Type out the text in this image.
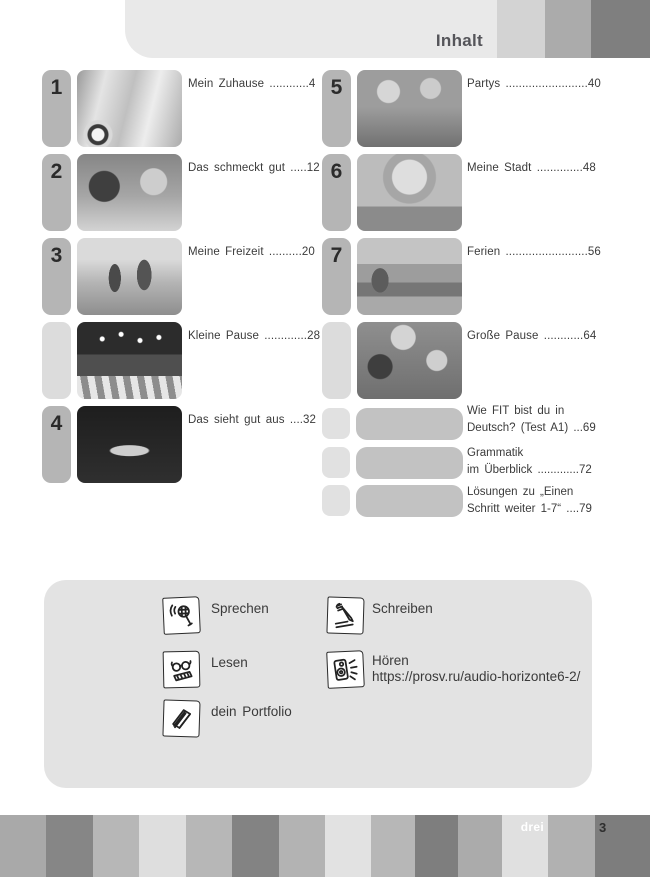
Inhalt
1	Mein Zuhause ............4
2	Das schmeckt gut .....12
3	Meine Freizeit ..........20
Kleine Pause .............28
4	Das sieht gut aus ....32
5	Partys .........................40
6	Meine Stadt ..............48
7	Ferien .........................56
Große Pause ............64
Wie FIT bist du in
Deutsch? (Test A1) ...69
Grammatik
im Überblick .............72
Lösungen zu „Einen
Schritt weiter 1-7“ ....79
Sprechen	Schreiben
Lesen	Hören
https://prosv.ru/audio-horizonte6-2/
dein Portfolio
drei	3
